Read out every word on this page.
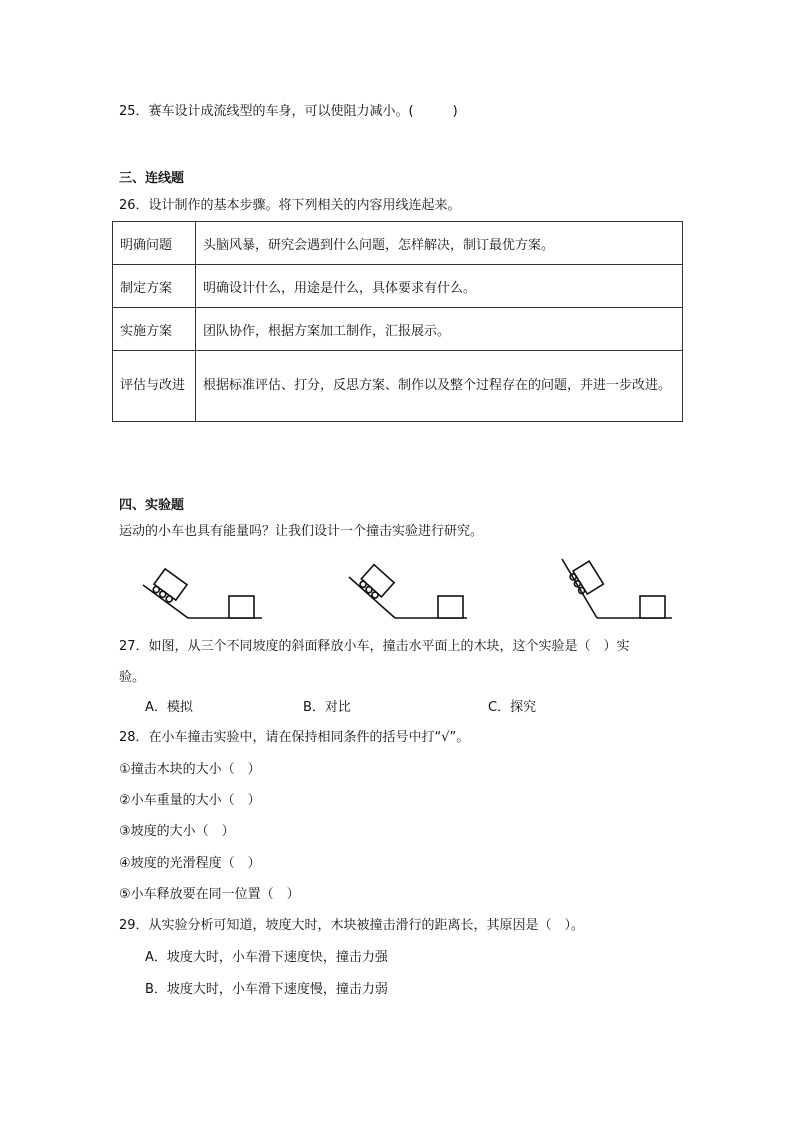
25．赛车设计成流线型的车身，可以使阻力减小。(　　　)
三、连线题
26．设计制作的基本步骤。将下列相关的内容用线连起来。
明确问题	头脑风暴，研究会遇到什么问题，怎样解决，制订最优方案。
制定方案	明确设计什么，用途是什么，具体要求有什么。
实施方案	团队协作，根据方案加工制作，汇报展示。
评估与改进	根据标准评估、打分，反思方案、制作以及整个过程存在的问题，并进一步改进。
四、实验题
运动的小车也具有能量吗？让我们设计一个撞击实验进行研究。
27．如图，从三个不同坡度的斜面释放小车，撞击水平面上的木块，这个实验是（　）实
验。
A．模拟	B．对比	C．探究
28．在小车撞击实验中，请在保持相同条件的括号中打“√”。
①撞击木块的大小（　）
②小车重量的大小（　）
③坡度的大小（　）
④坡度的光滑程度（　）
⑤小车释放要在同一位置（　）
29．从实验分析可知道，坡度大时，木块被撞击滑行的距离长，其原因是（　）。
A．坡度大时，小车滑下速度快，撞击力强
B．坡度大时，小车滑下速度慢，撞击力弱
